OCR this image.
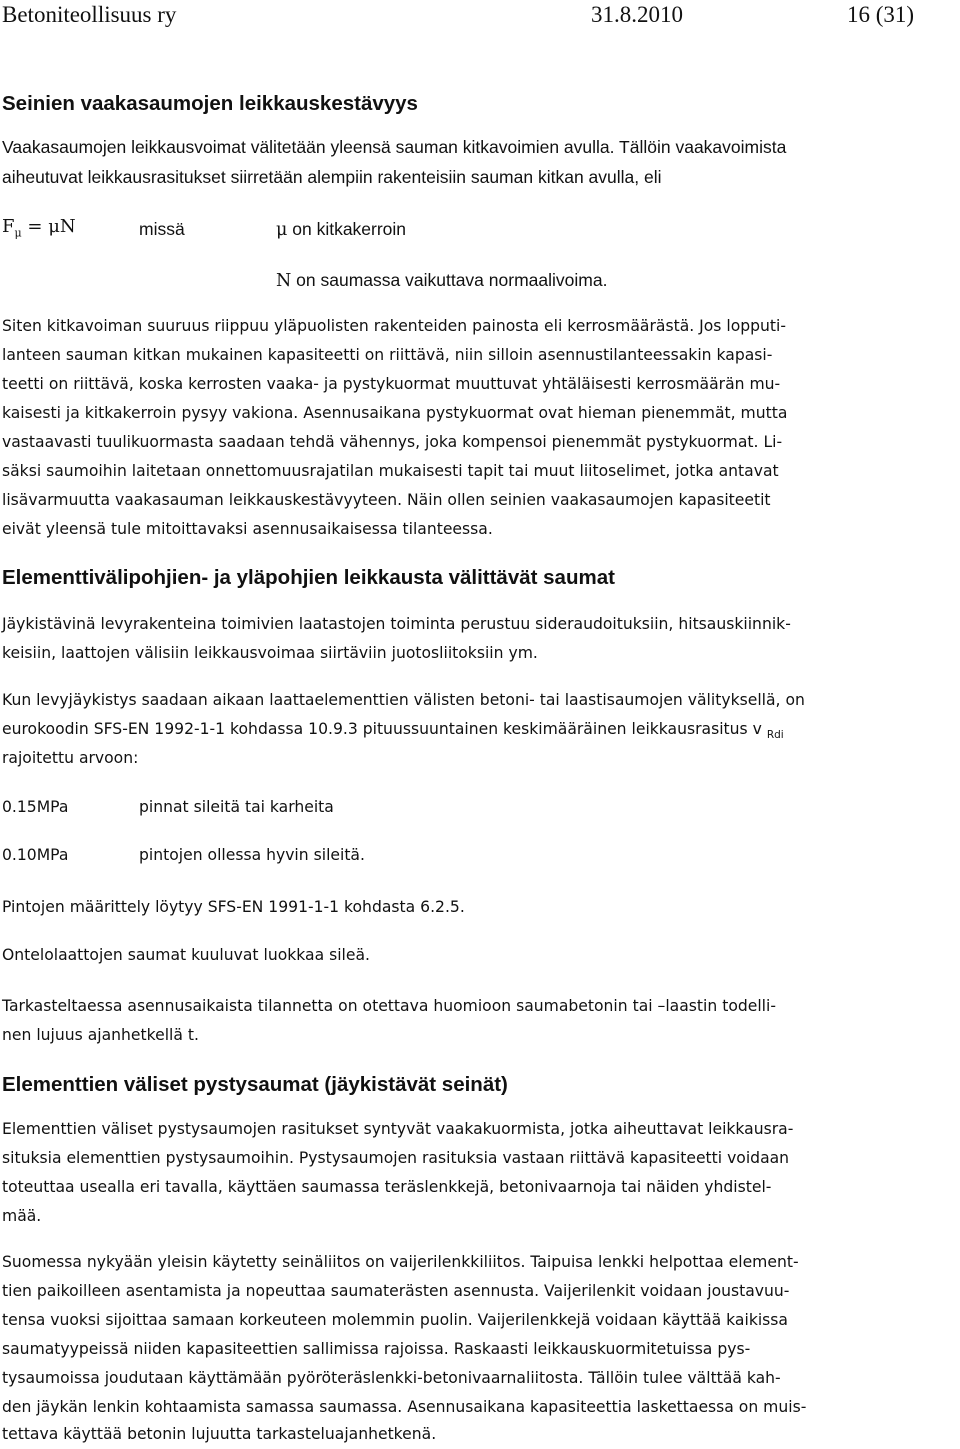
Betoniteollisuus ry	31.8.2010	16 (31)
Seinien vaakasaumojen leikkauskestävyys
Vaakasaumojen leikkausvoimat välitetään yleensä sauman kitkavoimien avulla. Tällöin vaakavoimista
aiheutuvat leikkausrasitukset siirretään alempiin rakenteisiin sauman kitkan avulla, eli
$F_\mu = \mu N$	missä	μ on kitkakerroin
N on saumassa vaikuttava normaalivoima.
Siten kitkavoiman suuruus riippuu yläpuolisten rakenteiden painosta eli kerrosmäärästä. Jos lopputi-
lanteen sauman kitkan mukainen kapasiteetti on riittävä, niin silloin asennustilanteessakin kapasi-
teetti on riittävä, koska kerrosten vaaka- ja pystykuormat muuttuvat yhtäläisesti kerrosmäärän mu-
kaisesti ja kitkakerroin pysyy vakiona. Asennusaikana pystykuormat ovat hieman pienemmät, mutta
vastaavasti tuulikuormasta saadaan tehdä vähennys, joka kompensoi pienemmät pystykuormat. Li-
säksi saumoihin laitetaan onnettomuusrajatilan mukaisesti tapit tai muut liitoselimet, jotka antavat
lisävarmuutta vaakasauman leikkauskestävyyteen. Näin ollen seinien vaakasaumojen kapasiteetit
eivät yleensä tule mitoittavaksi asennusaikaisessa tilanteessa.
Elementtivälipohjien- ja yläpohjien leikkausta välittävät saumat
Jäykistävinä levyrakenteina toimivien laatastojen toiminta perustuu sideraudoituksiin, hitsauskiinnik-
keisiin, laattojen välisiin leikkausvoimaa siirtäviin juotosliitoksiin ym.
Kun levyjäykistys saadaan aikaan laattaelementtien välisten betoni- tai laastisaumojen välityksellä, on
eurokoodin SFS-EN 1992-1-1 kohdassa 10.9.3 pituussuuntainen keskimääräinen leikkausrasitus v $_{Rdi}$
rajoitettu arvoon:
0.15MPa	pinnat sileitä tai karheita
0.10MPa	pintojen ollessa hyvin sileitä.
Pintojen määrittely löytyy SFS-EN 1991-1-1 kohdasta 6.2.5.
Ontelolaattojen saumat kuuluvat luokkaa sileä.
Tarkasteltaessa asennusaikaista tilannetta on otettava huomioon saumabetonin tai –laastin todelli-
nen lujuus ajanhetkellä t.
Elementtien väliset pystysaumat (jäykistävät seinät)
Elementtien väliset pystysaumojen rasitukset syntyvät vaakakuormista, jotka aiheuttavat leikkausra-
situksia elementtien pystysaumoihin. Pystysaumojen rasituksia vastaan riittävä kapasiteetti voidaan
toteuttaa usealla eri tavalla, käyttäen saumassa teräslenkkejä, betonivaarnoja tai näiden yhdistel-
mää.
Suomessa nykyään yleisin käytetty seinäliitos on vaijerilenkkiliitos. Taipuisa lenkki helpottaa element-
tien paikoilleen asentamista ja nopeuttaa saumaterästen asennusta. Vaijerilenkit voidaan joustavuu-
tensa vuoksi sijoittaa samaan korkeuteen molemmin puolin. Vaijerilenkkejä voidaan käyttää kaikissa
saumatyypeissä niiden kapasiteettien sallimissa rajoissa. Raskaasti leikkauskuormitetuissa pys-
tysaumoissa joudutaan käyttämään pyöröteräslenkki-betonivaarnaliitosta. Tällöin tulee välttää kah-
den jäykän lenkin kohtaamista samassa saumassa. Asennusaikana kapasiteettia laskettaessa on muis-
tettava käyttää betonin lujuutta tarkasteluajanhetkenä.
